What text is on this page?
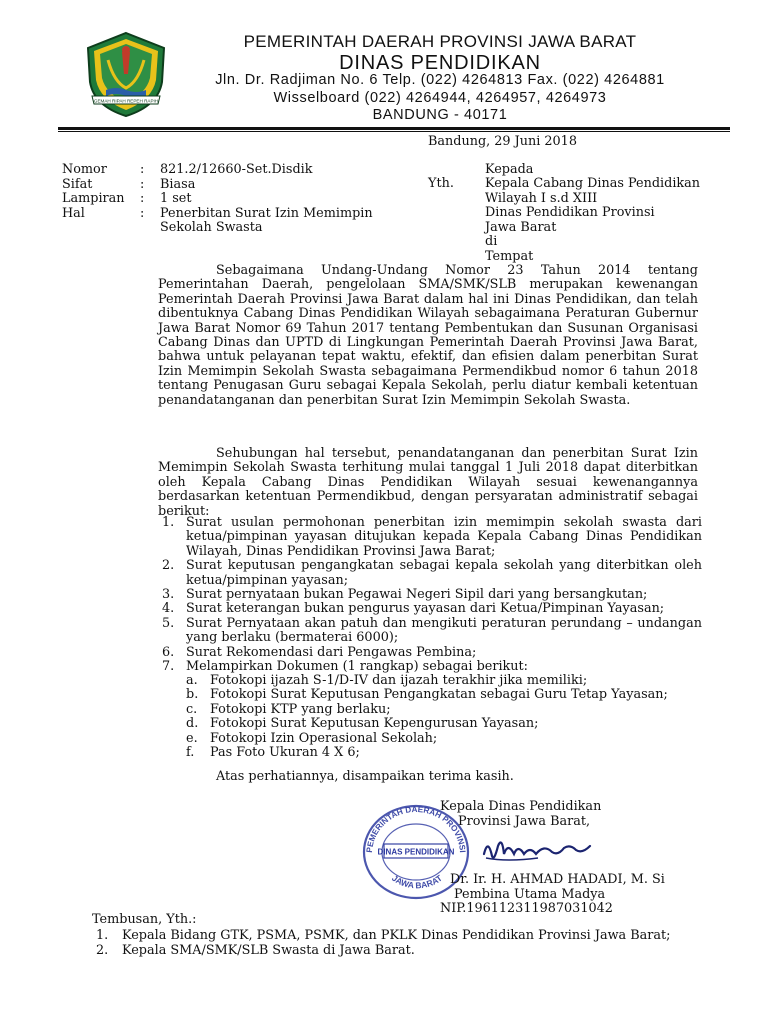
GEMAH RIPAH REPEH RAPIH
PEMERINTAH DAERAH PROVINSI JAWA BARAT
DINAS PENDIDIKAN
Jln. Dr. Radjiman No. 6 Telp. (022) 4264813 Fax. (022) 4264881
Wisselboard (022) 4264944, 4264957, 4264973
BANDUNG - 40171
Bandung, 29 Juni 2018
Nomor	: 821.2/12660-Set.Disdik
Sifat	: Biasa
Lampiran : 1 set
Hal	: Penerbitan Surat Izin Memimpin
Sekolah Swasta
Kepada
Yth. Kepala Cabang Dinas Pendidikan
Wilayah I s.d XIII
Dinas Pendidikan Provinsi
Jawa Barat
di
Tempat

Sebagaimana Undang-Undang Nomor 23 Tahun 2014 tentang Pemerintahan Daerah, pengelolaan SMA/SMK/SLB merupakan kewenangan Pemerintah Daerah Provinsi Jawa Barat dalam hal ini Dinas Pendidikan, dan telah dibentuknya Cabang Dinas Pendidikan Wilayah sebagaimana Peraturan Gubernur Jawa Barat Nomor 69 Tahun 2017 tentang Pembentukan dan Susunan Organisasi Cabang Dinas dan UPTD di Lingkungan Pemerintah Daerah Provinsi Jawa Barat, bahwa untuk pelayanan tepat waktu, efektif, dan efisien dalam penerbitan Surat Izin Memimpin Sekolah Swasta sebagaimana Permendikbud nomor 6 tahun 2018 tentang Penugasan Guru sebagai Kepala Sekolah, perlu diatur kembali ketentuan penandatanganan dan penerbitan Surat Izin Memimpin Sekolah Swasta.

Sehubungan hal tersebut, penandatanganan dan penerbitan Surat Izin Memimpin Sekolah Swasta terhitung mulai tanggal 1 Juli 2018 dapat diterbitkan oleh Kepala Cabang Dinas Pendidikan Wilayah sesuai kewenangannya berdasarkan ketentuan Permendikbud, dengan persyaratan administratif sebagai berikut:

1. Surat usulan permohonan penerbitan izin memimpin sekolah swasta dari ketua/pimpinan yayasan ditujukan kepada Kepala Cabang Dinas Pendidikan Wilayah, Dinas Pendidikan Provinsi Jawa Barat;
2. Surat keputusan pengangkatan sebagai kepala sekolah yang diterbitkan oleh ketua/pimpinan yayasan;
3. Surat pernyataan bukan Pegawai Negeri Sipil dari yang bersangkutan;
4. Surat keterangan bukan pengurus yayasan dari Ketua/Pimpinan Yayasan;
5. Surat Pernyataan akan patuh dan mengikuti peraturan perundang – undangan yang berlaku (bermaterai 6000);
6. Surat Rekomendasi dari Pengawas Pembina;
7. Melampirkan Dokumen (1 rangkap) sebagai berikut:
a. Fotokopi ijazah S-1/D-IV dan ijazah terakhir jika memiliki;
b. Fotokopi Surat Keputusan Pengangkatan sebagai Guru Tetap Yayasan;
c. Fotokopi KTP yang berlaku;
d. Fotokopi Surat Keputusan Kepengurusan Yayasan;
e. Fotokopi Izin Operasional Sekolah;
f. Pas Foto Ukuran 4 X 6;
Atas perhatiannya, disampaikan terima kasih.
PEMERINTAH DAERAH PROVINSI
DINAS PENDIDIKAN
JAWA BARAT
Kepala Dinas Pendidikan
Provinsi Jawa Barat,
Dr. Ir. H. AHMAD HADADI, M. Si
Pembina Utama Madya
NIP.196112311987031042
Tembusan, Yth.:
1. Kepala Bidang GTK, PSMA, PSMK, dan PKLK Dinas Pendidikan Provinsi Jawa Barat;
2. Kepala SMA/SMK/SLB Swasta di Jawa Barat.
